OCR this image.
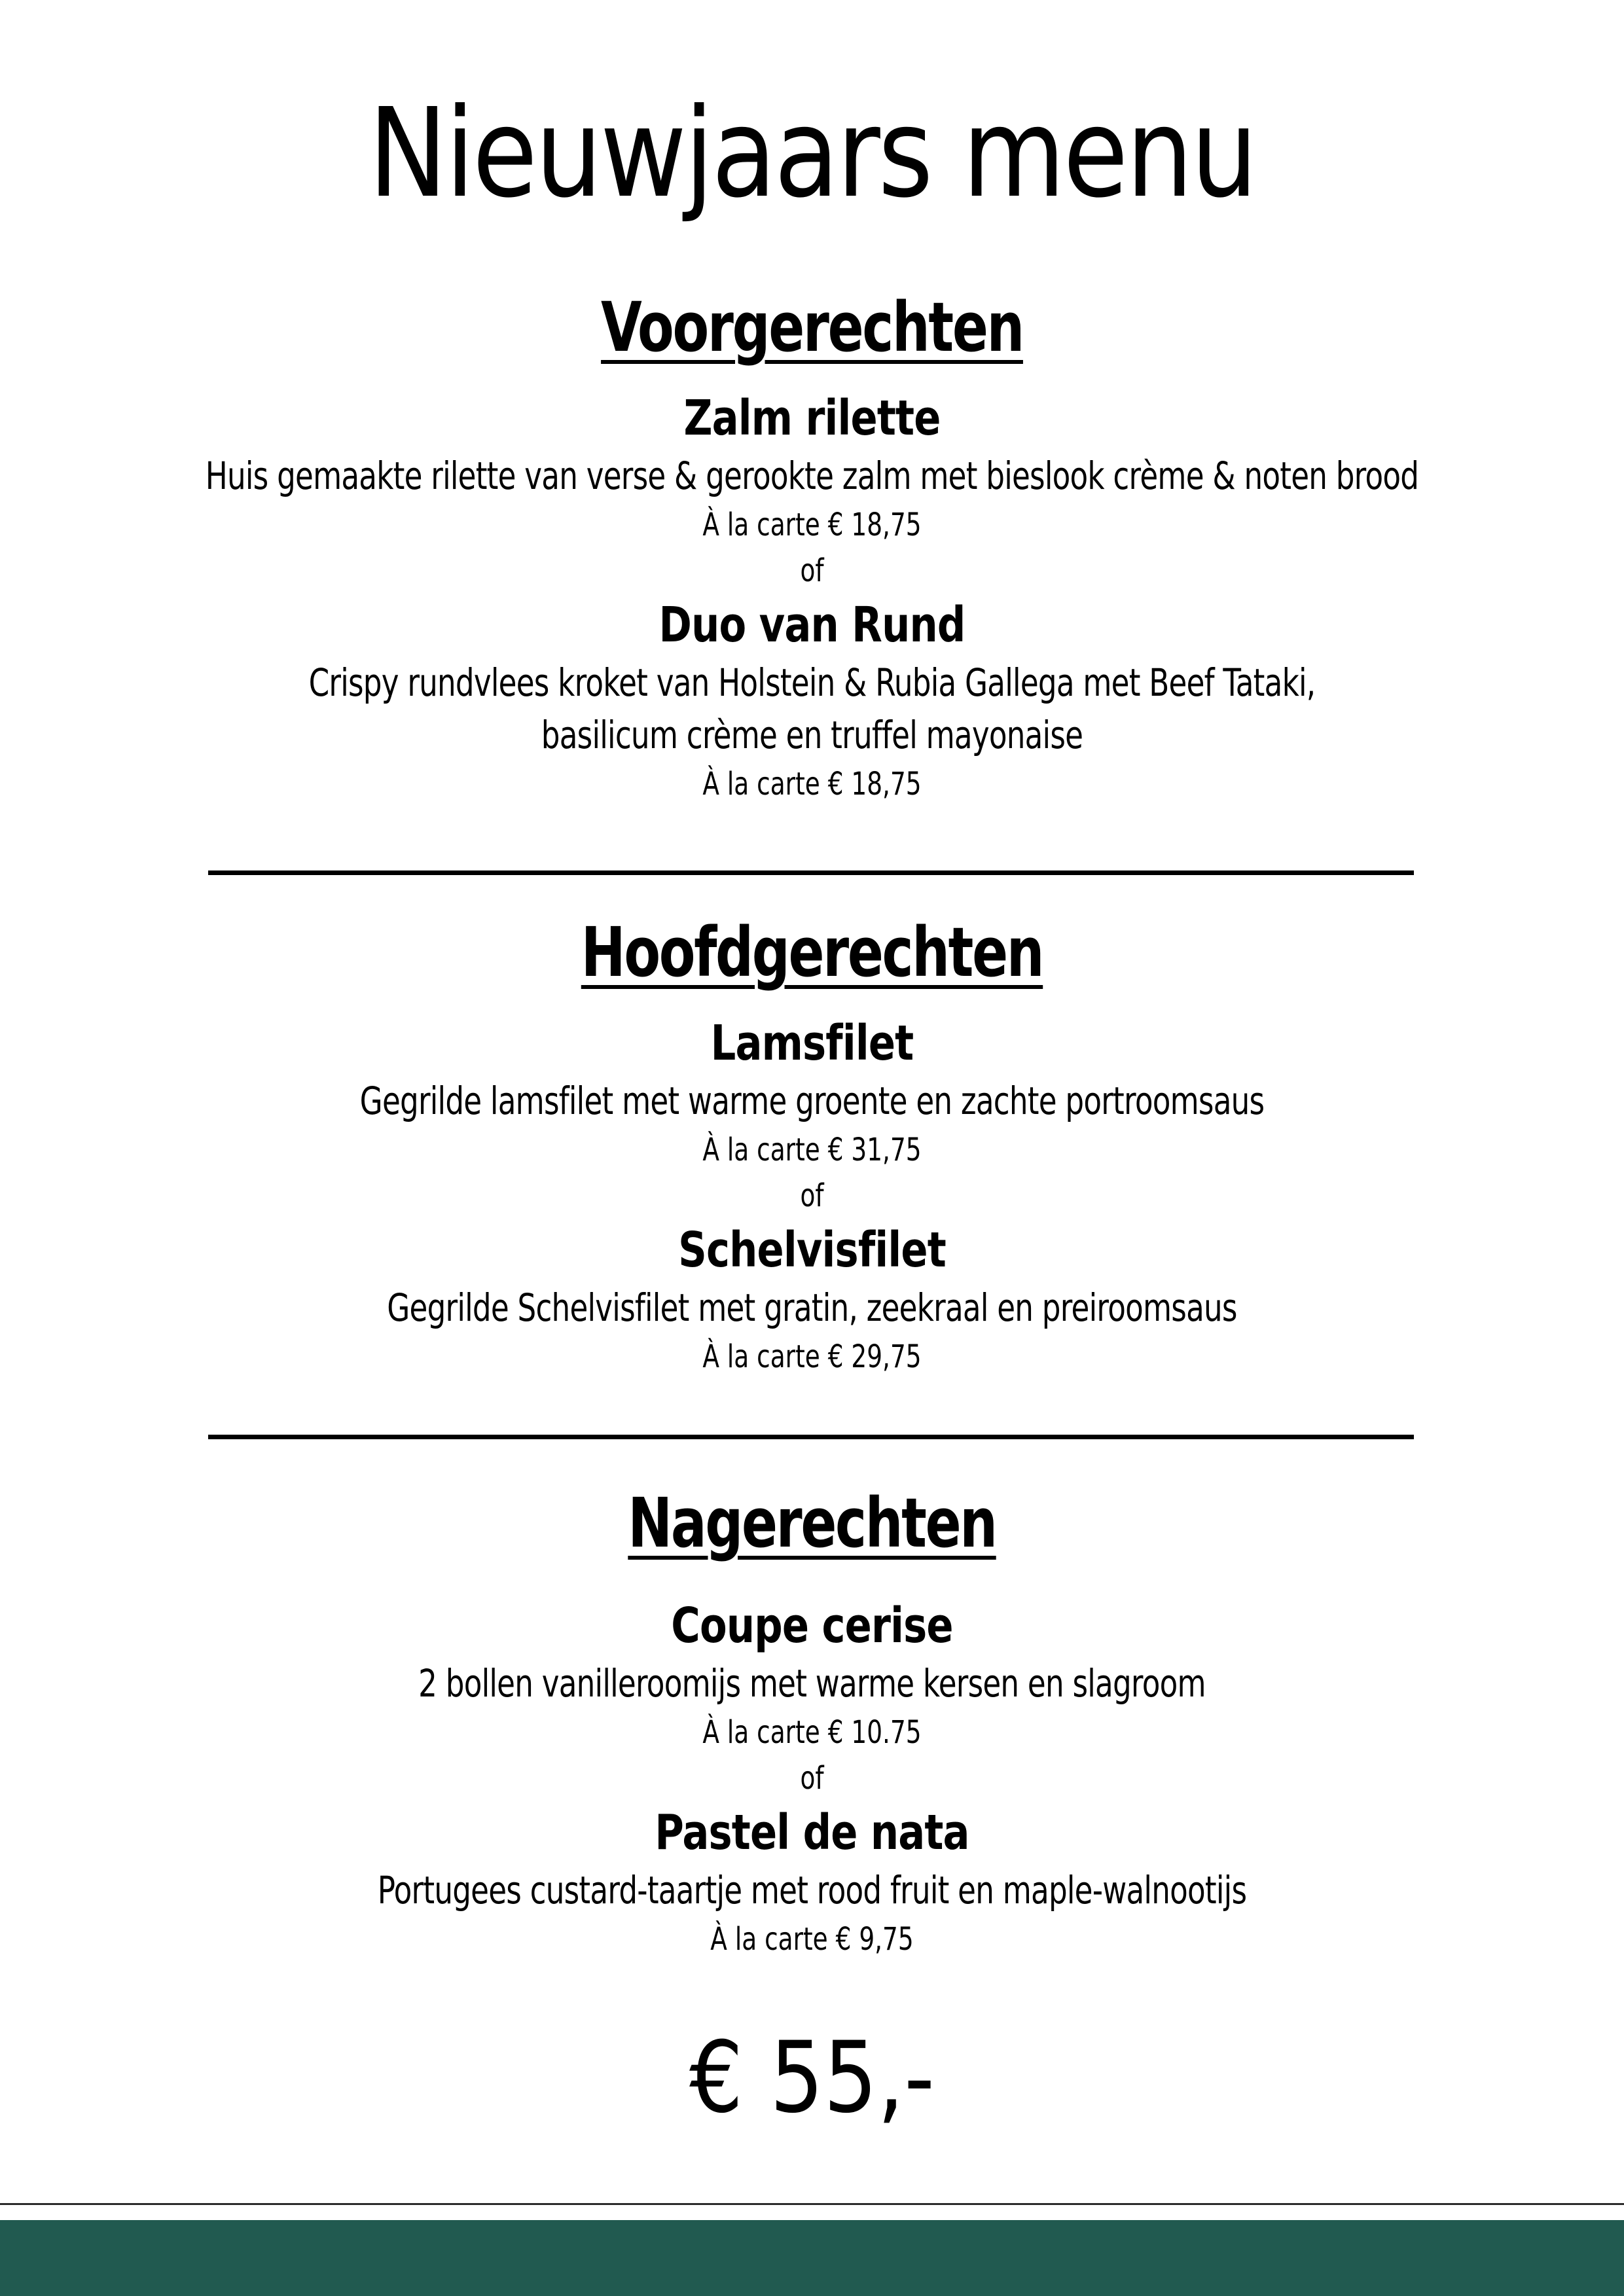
Nieuwjaars menu
Voorgerechten
Zalm rilette
Huis gemaakte rilette van verse & gerookte zalm met bieslook crème & noten brood
À la carte € 18,75
of
Duo van Rund
Crispy rundvlees kroket van Holstein & Rubia Gallega met Beef Tataki,
basilicum crème en truffel mayonaise
À la carte € 18,75
Hoofdgerechten
Lamsfilet
Gegrilde lamsfilet met warme groente en zachte portroomsaus
À la carte € 31,75
of
Schelvisfilet
Gegrilde Schelvisfilet met gratin, zeekraal en preiroomsaus
À la carte € 29,75
Nagerechten
Coupe cerise
2 bollen vanilleroomijs met warme kersen en slagroom
À la carte € 10.75
of
Pastel de nata
Portugees custard-taartje met rood fruit en maple-walnootijs
À la carte € 9,75
€ 55,-
